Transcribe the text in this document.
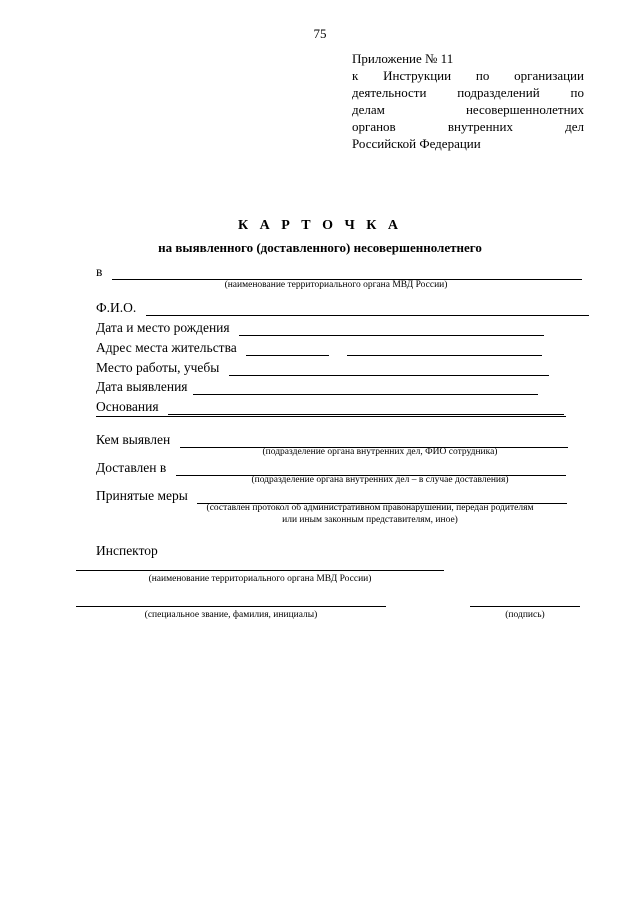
75
Приложение № 11
к Инструкции по организации
деятельности подразделений по
делам	несовершеннолетних
органов	внутренних	дел
Российской Федерации
К А Р Т О Ч К А
на выявленного (доставленного) несовершеннолетнего
в
(наименование территориального органа МВД России)
Ф.И.О.
Дата и место рождения
Адрес места жительства
Место работы, учебы
Дата выявления
Основания
Кем выявлен
(подразделение органа внутренних дел, ФИО сотрудника)
Доставлен в
(подразделение органа внутренних дел – в случае доставления)
Принятые меры
(составлен протокол об административном правонарушении, передан родителям
или иным законным представителям, иное)
Инспектор
(наименование территориального органа МВД России)
(специальное звание, фамилия, инициалы)	(подпись)
